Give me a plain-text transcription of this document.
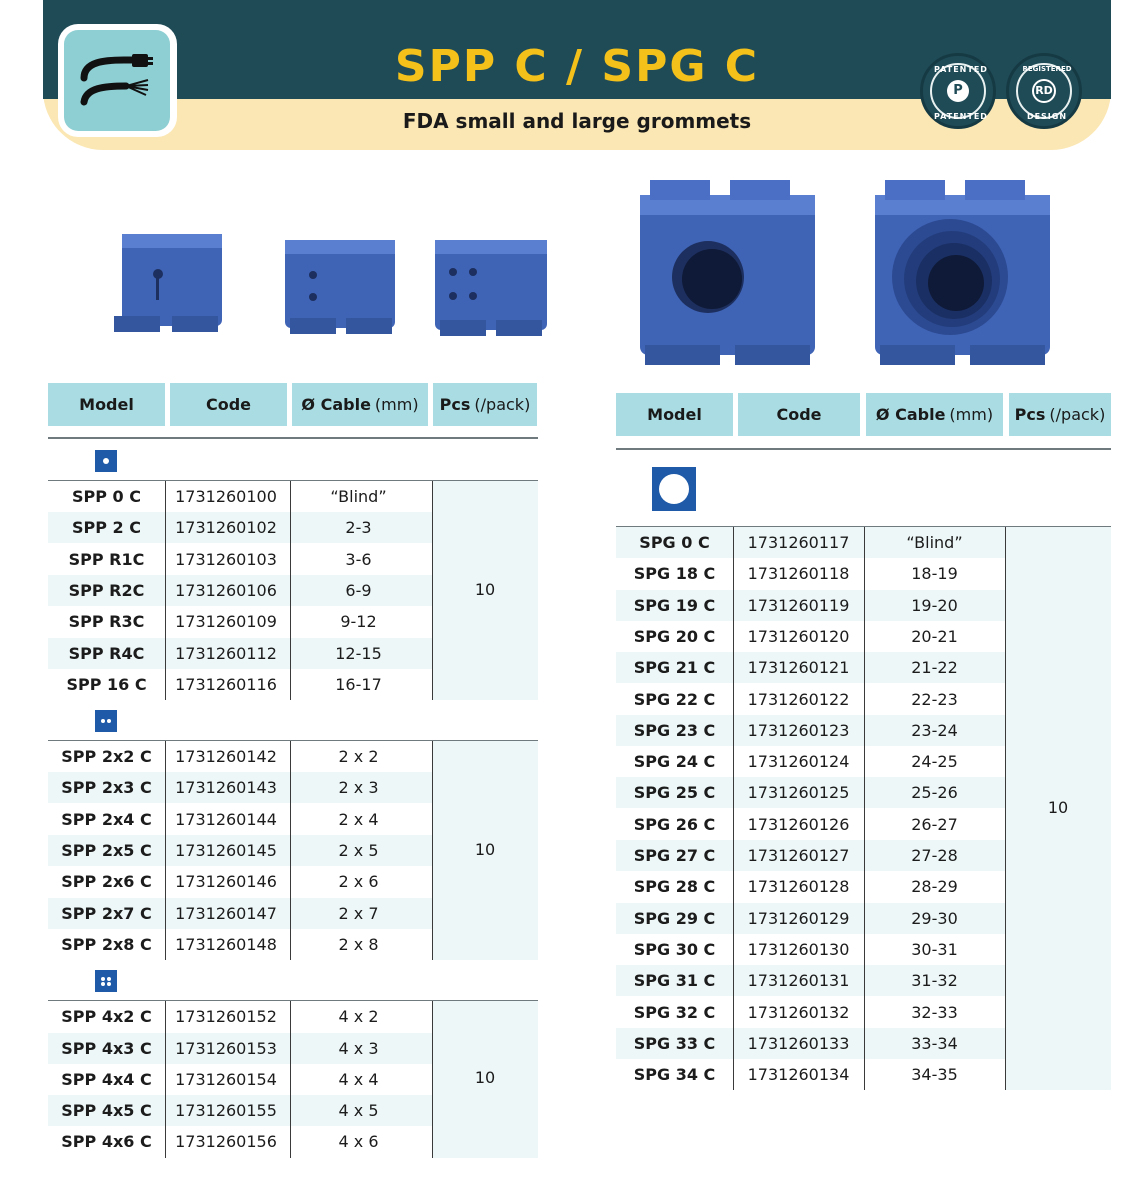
SPP C / SPG C
FDA small and large grommets
PATENTED
P
PATENTED
REGISTERED
RD
DESIGN
Model	Code	Ø Cable (mm) Pcs (/pack)
SPP 0 C	1731260100	“Blind”
SPP 2 C	1731260102	2-3
SPP R1C	1731260103	3-6
SPP R2C	1731260106	6-9
SPP R3C	1731260109	9-12
SPP R4C	1731260112	12-15
SPP 16 C	1731260116	16-17
10
SPP 2x2 C	1731260142	2 x 2
SPP 2x3 C	1731260143	2 x 3
SPP 2x4 C	1731260144	2 x 4
SPP 2x5 C	1731260145	2 x 5
SPP 2x6 C	1731260146	2 x 6
SPP 2x7 C	1731260147	2 x 7
SPP 2x8 C	1731260148	2 x 8
10
SPP 4x2 C	1731260152	4 x 2
SPP 4x3 C	1731260153	4 x 3
SPP 4x4 C	1731260154	4 x 4
SPP 4x5 C	1731260155	4 x 5
SPP 4x6 C	1731260156	4 x 6
10
Model	Code	Ø Cable (mm) Pcs (/pack)
SPG 0 C	1731260117	“Blind”
SPG 18 C	1731260118	18-19
SPG 19 C	1731260119	19-20
SPG 20 C	1731260120	20-21
SPG 21 C	1731260121	21-22
SPG 22 C	1731260122	22-23
SPG 23 C	1731260123	23-24
SPG 24 C	1731260124	24-25
SPG 25 C	1731260125	25-26
SPG 26 C	1731260126	26-27
SPG 27 C	1731260127	27-28
SPG 28 C	1731260128	28-29
SPG 29 C	1731260129	29-30
SPG 30 C	1731260130	30-31
SPG 31 C	1731260131	31-32
SPG 32 C	1731260132	32-33
SPG 33 C	1731260133	33-34
SPG 34 C	1731260134	34-35
10
